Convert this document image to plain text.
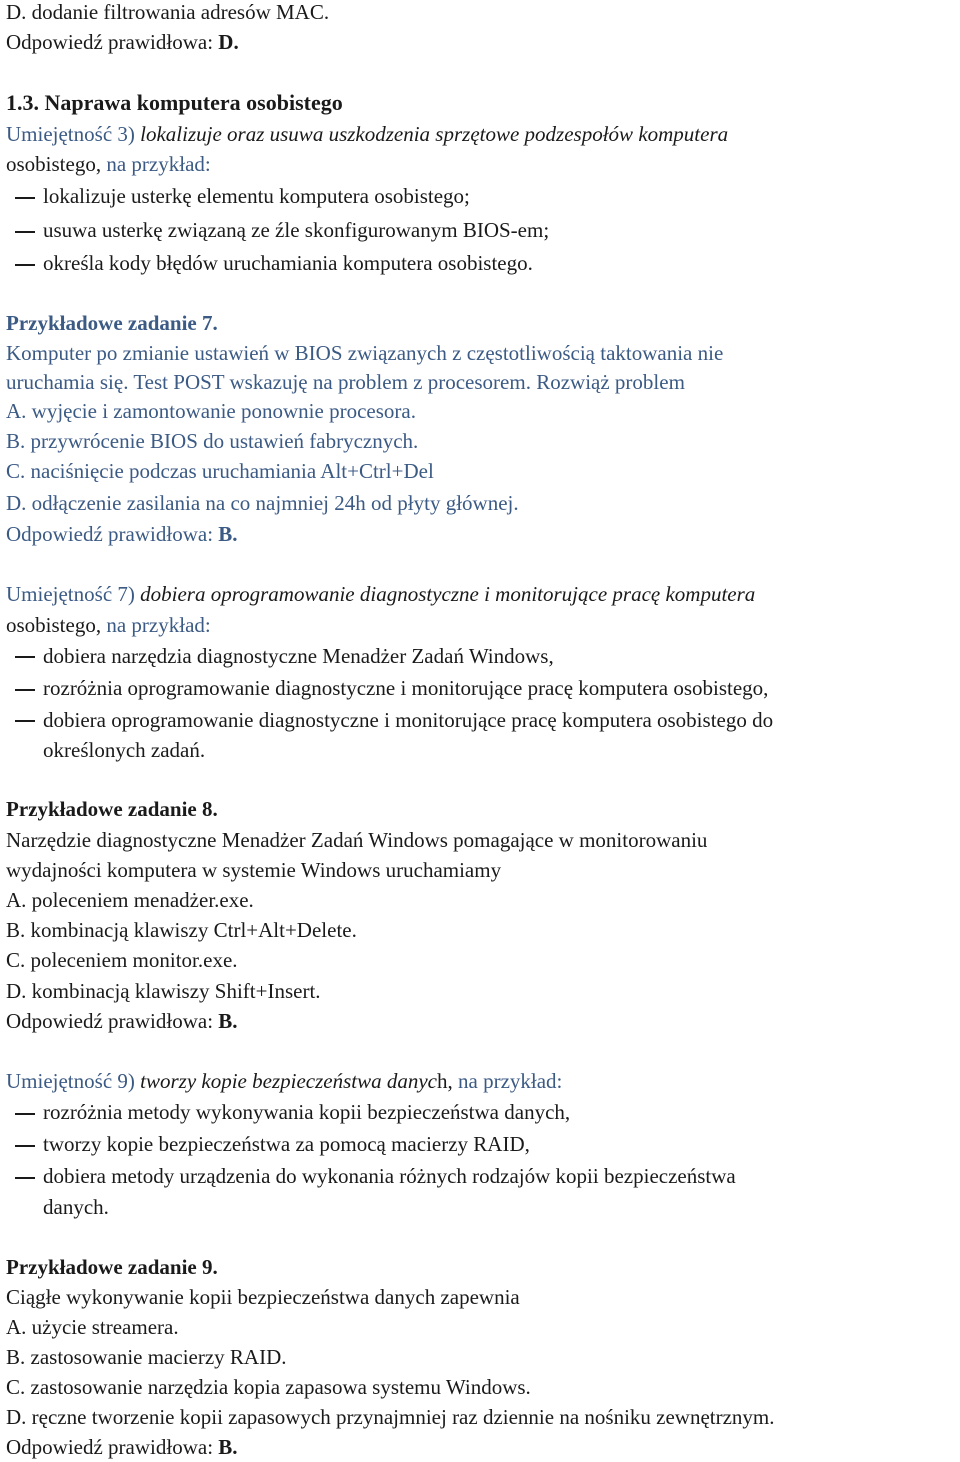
D. dodanie filtrowania adresów MAC.
Odpowiedź prawidłowa: D.
1.3. Naprawa komputera osobistego
Umiejętność 3) lokalizuje oraz usuwa uszkodzenia sprzętowe podzespołów komputera
osobistego, na przykład:
lokalizuje usterkę elementu komputera osobistego;
usuwa usterkę związaną ze źle skonfigurowanym BIOS-em;
określa kody błędów uruchamiania komputera osobistego.
Przykładowe zadanie 7.
Komputer po zmianie ustawień w BIOS związanych z częstotliwością taktowania nie
uruchamia się. Test POST wskazuję na problem z procesorem. Rozwiąż problem
A. wyjęcie i zamontowanie ponownie procesora.
B. przywrócenie BIOS do ustawień fabrycznych.
C. naciśnięcie podczas uruchamiania Alt+Ctrl+Del
D. odłączenie zasilania na co najmniej 24h od płyty głównej.
Odpowiedź prawidłowa: B.
Umiejętność 7) dobiera oprogramowanie diagnostyczne i monitorujące pracę komputera
osobistego, na przykład:
dobiera narzędzia diagnostyczne Menadżer Zadań Windows,
rozróżnia oprogramowanie diagnostyczne i monitorujące pracę komputera osobistego,
dobiera oprogramowanie diagnostyczne i monitorujące pracę komputera osobistego do
określonych zadań.
Przykładowe zadanie 8.
Narzędzie diagnostyczne Menadżer Zadań Windows pomagające w monitorowaniu
wydajności komputera w systemie Windows uruchamiamy
A. poleceniem menadżer.exe.
B. kombinacją klawiszy Ctrl+Alt+Delete.
C. poleceniem monitor.exe.
D. kombinacją klawiszy Shift+Insert.
Odpowiedź prawidłowa: B.
Umiejętność 9) tworzy kopie bezpieczeństwa danych, na przykład:
rozróżnia metody wykonywania kopii bezpieczeństwa danych,
tworzy kopie bezpieczeństwa za pomocą macierzy RAID,
dobiera metody urządzenia do wykonania różnych rodzajów kopii bezpieczeństwa
danych.
Przykładowe zadanie 9.
Ciągłe wykonywanie kopii bezpieczeństwa danych zapewnia
A. użycie streamera.
B. zastosowanie macierzy RAID.
C. zastosowanie narzędzia kopia zapasowa systemu Windows.
D. ręczne tworzenie kopii zapasowych przynajmniej raz dziennie na nośniku zewnętrznym.
Odpowiedź prawidłowa: B.
